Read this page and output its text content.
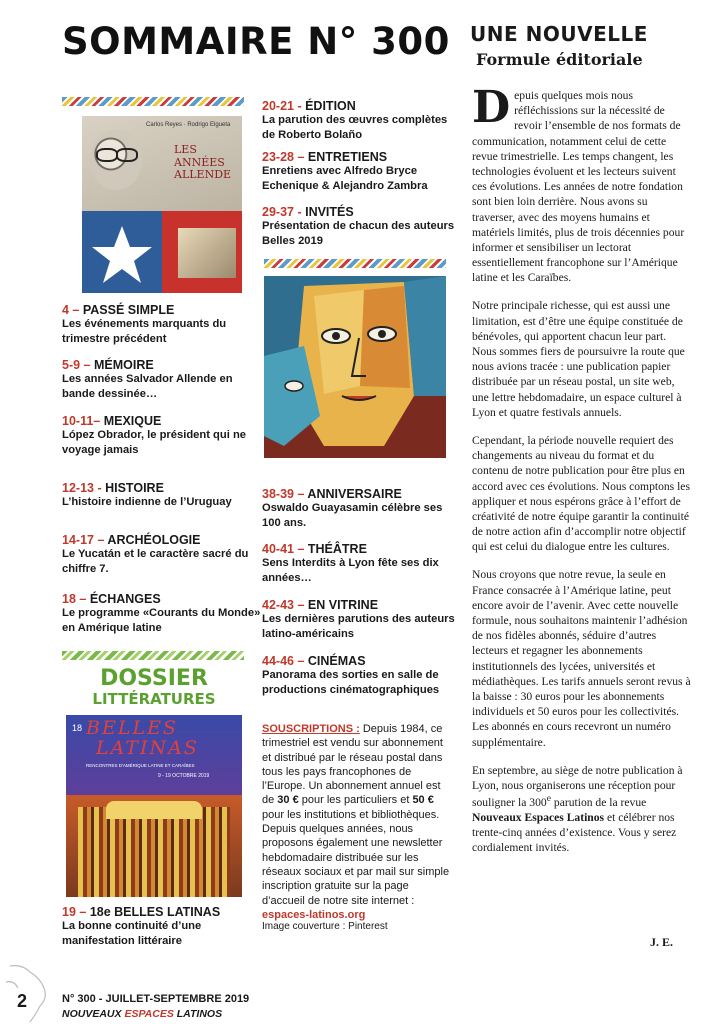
SOMMAIRE N° 300
Carlos Reyes · Rodrigo Elgueta
LES
ANNÉES
ALLENDE
4 – PASSÉ SIMPLE
Les événements marquants du trimestre précédent
5-9 – MÉMOIRE
Les années Salvador Allende en bande dessinée…
10-11– MEXIQUE
López Obrador, le président qui ne voyage jamais
12-13 - HISTOIRE
L’histoire indienne de l’Uruguay
14-17 – ARCHÉOLOGIE
Le Yucatán et le caractère sacré du chiffre 7.
18 – ÉCHANGES
Le programme «Courants du Monde» en Amérique latine
DOSSIER
LITTÉRATURES
18 BELLES
LATINAS
RENCONTRES D'AMÉRIQUE LATINE ET CARAÏBES
9 - 19 OCTOBRE 2019
19 – 18e BELLES LATINAS
La bonne continuité d’une manifestation littéraire
20-21 - ÉDITION
La parution des œuvres complètes de Roberto Bolaño
23-28 – ENTRETIENS
Enretiens avec Alfredo Bryce Echenique & Alejandro Zambra
29-37 - INVITÉS
Présentation de chacun des auteurs Belles 2019
38-39 – ANNIVERSAIRE
Oswaldo Guayasamin célèbre ses 100 ans.
40-41 – THÉÂTRE
Sens Interdits à Lyon fête ses dix années…
42-43 – EN VITRINE
Les dernières parutions des auteurs latino-américains
44-46 – CINÉMAS
Panorama des sorties en salle de productions cinématographiques
SOUSCRIPTIONS : Depuis 1984, ce trimestriel est vendu sur abonnement et distribué par le réseau postal dans tous les pays francophones de l’Europe. Un abonnement annuel est de 30 € pour les particuliers et 50 € pour les institutions et bibliothèques. Depuis quelques années, nous proposons également une newsletter hebdomadaire distribuée sur les réseaux sociaux et par mail sur simple inscription gratuite sur la page d’accueil de notre site internet : espaces-latinos.org
Image couverture : Pinterest
UNE NOUVELLE
Formule éditoriale

Depuis quelques mois nous réfléchissions sur la nécessité de revoir l’ensemble de nos formats de communication, notamment celui de cette revue trimestrielle. Les temps changent, les technologies évoluent et les lecteurs suivent ces évolutions. Les années de notre fondation sont bien loin derrière. Nous avons su traverser, avec des moyens humains et matériels limités, plus de trois décennies pour informer et sensibiliser un lectorat essentiellement francophone sur l’Amérique latine et les Caraïbes.

Notre principale richesse, qui est aussi une limitation, est d’être une équipe constituée de bénévoles, qui apportent chacun leur part. Nous sommes fiers de poursuivre la route que nous avions tracée : une publication papier distribuée par un réseau postal, un site web, une lettre hebdomadaire, un espace culturel à Lyon et quatre festivals annuels.

Cependant, la période nouvelle requiert des changements au niveau du format et du contenu de notre publication pour être plus en accord avec ces évolutions. Nous comptons les appliquer et nous espérons grâce à l’effort de créativité de notre équipe garantir la continuité de notre action afin d’accomplir notre objectif qui est celui du dialogue entre les cultures.

Nous croyons que notre revue, la seule en France consacrée à l’Amérique latine, peut encore avoir de l’avenir. Avec cette nouvelle formule, nous souhaitons maintenir l’adhésion de nos fidèles abonnés, séduire d’autres lecteurs et regagner les abonnements institutionnels des lycées, universités et médiathèques. Les tarifs annuels seront revus à la baisse : 30 euros pour les abonnements individuels et 50 euros pour les collectivités. Les abonnés en cours recevront un numéro supplémentaire.

En septembre, au siège de notre publication à Lyon, nous organiserons une réception pour souligner la 300e parution de la revue Nouveaux Espaces Latinos et célébrer nos trente-cinq années d’existence. Vous y serez cordialement invités.

J. E.
2	N° 300 - JUILLET-SEPTEMBRE 2019
NOUVEAUX ESPACES LATINOS
